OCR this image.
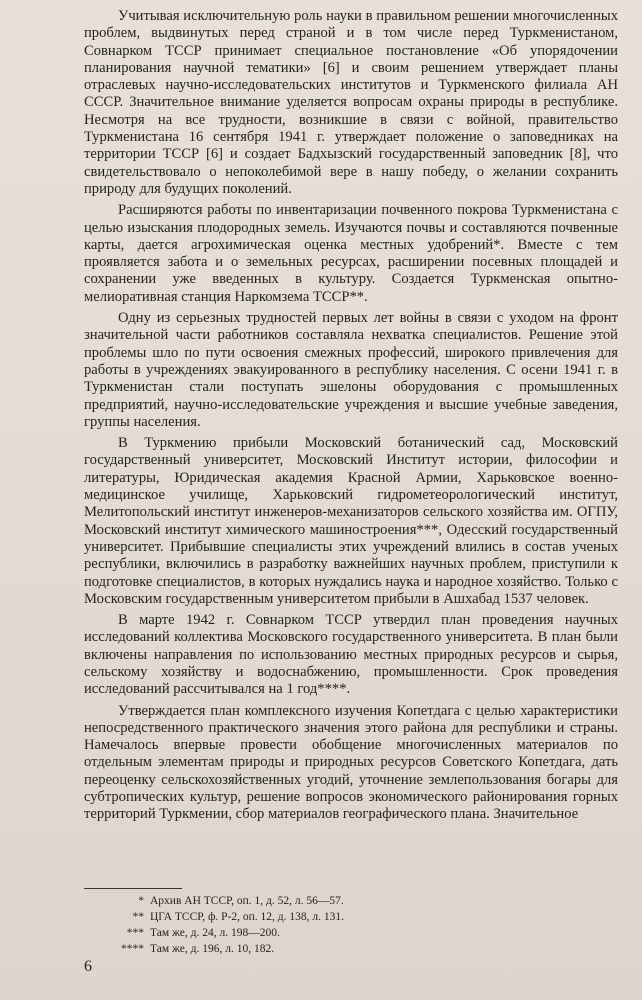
Учитывая исключительную роль науки в правильном решении многочисленных проблем, выдвинутых перед страной и в том числе перед Туркменистаном, Совнарком ТССР принимает специальное постановление «Об упорядочении планирования научной тематики» [6] и своим решением утверждает планы отраслевых научно-исследовательских институтов и Туркменского филиала АН СССР. Значительное внимание уделяется вопросам охраны природы в республике. Несмотря на все трудности, возникшие в связи с войной, правительство Туркменистана 16 сентября 1941 г. утверждает положение о заповедниках на территории ТССР [6] и создает Бадхызский государственный заповедник [8], что свидетельствовало о непоколебимой вере в нашу победу, о желании сохранить природу для будущих поколений.

Расширяются работы по инвентаризации почвенного покрова Туркменистана с целью изыскания плодородных земель. Изучаются почвы и составляются почвенные карты, дается агрохимическая оценка местных удобрений*. Вместе с тем проявляется забота и о земельных ресурсах, расширении посевных площадей и сохранении уже введенных в культуру. Создается Туркменская опытно-мелиоративная станция Наркомзема ТССР**.

Одну из серьезных трудностей первых лет войны в связи с уходом на фронт значительной части работников составляла нехватка специалистов. Решение этой проблемы шло по пути освоения смежных профессий, широкого привлечения для работы в учреждениях эвакуированного в республику населения. С осени 1941 г. в Туркменистан стали поступать эшелоны оборудования с промышленных предприятий, научно-исследовательские учреждения и высшие учебные заведения, группы населения.

В Туркмению прибыли Московский ботанический сад, Московский государственный университет, Московский Институт истории, философии и литературы, Юридическая академия Красной Армии, Харьковское военно-медицинское училище, Харьковский гидрометеорологический институт, Мелитопольский институт инженеров-механизаторов сельского хозяйства им. ОГПУ, Московский институт химического машиностроения***, Одесский государственный университет. Прибывшие специалисты этих учреждений влились в состав ученых республики, включились в разработку важнейших научных проблем, приступили к подготовке специалистов, в которых нуждались наука и народное хозяйство. Только с Московским государственным университетом прибыли в Ашхабад 1537 человек.

В марте 1942 г. Совнарком ТССР утвердил план проведения научных исследований коллектива Московского государственного университета. В план были включены направления по использованию местных природных ресурсов и сырья, сельскому хозяйству и водоснабжению, промышленности. Срок проведения исследований рассчитывался на 1 год****.

Утверждается план комплексного изучения Копетдага с целью характеристики непосредственного практического значения этого района для республики и страны. Намечалось впервые провести обобщение многочисленных материалов по отдельным элементам природы и природных ресурсов Советского Копетдага, дать переоценку сельскохозяйственных угодий, уточнение землепользования богары для субтропических культур, решение вопросов экономического районирования горных территорий Туркмении, сбор материалов географического плана. Значительное

* Архив АН ТССР, оп. 1, д. 52, л. 56—57.

** ЦГА ТССР, ф. Р-2, оп. 12, д. 138, л. 131.

*** Там же, д. 24, л. 198—200.

**** Там же, д. 196, л. 10, 182.

6
